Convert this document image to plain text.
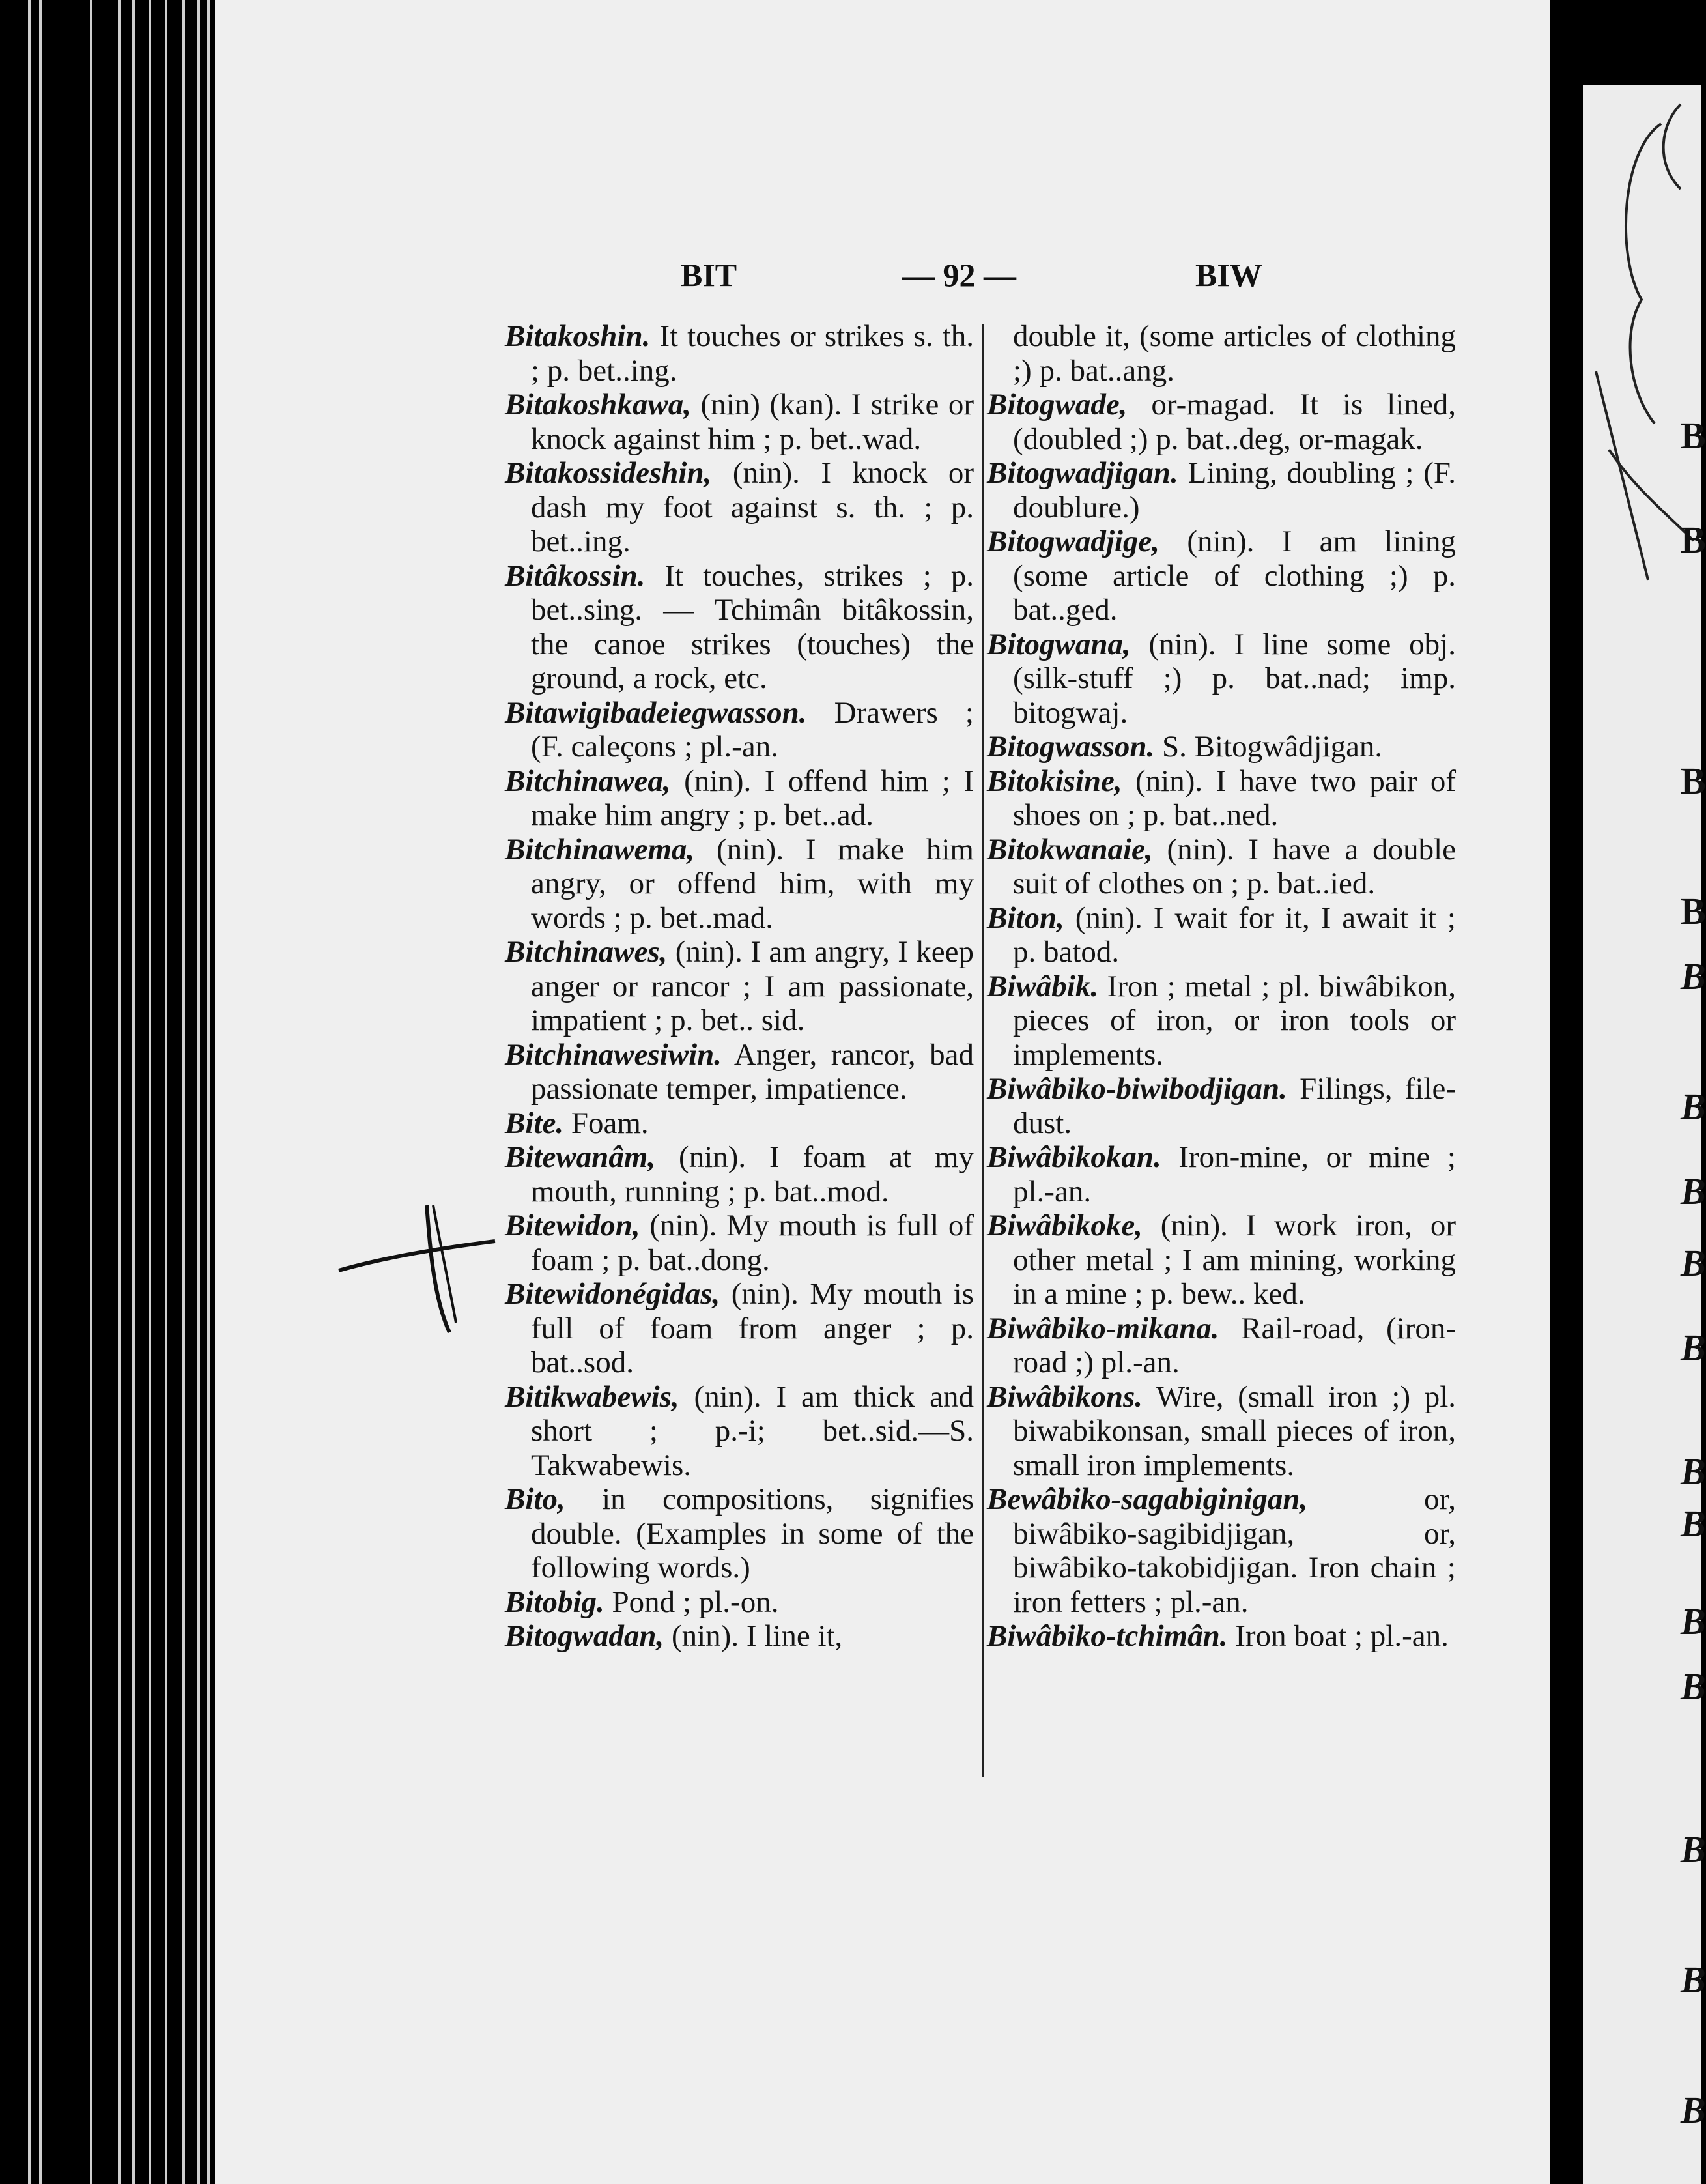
B
B
B
B
B
B
B
B
B
B
B
B
B
B
B
B
BIT	— 92 —	BIW

Bitakoshin. It touches or strikes s. th. ; p. bet..ing.

Bitakoshkawa, (nin) (kan). I strike or knock against him ; p. bet..wad.

Bitakossideshin, (nin). I knock or dash my foot against s. th. ; p. bet..ing.

Bitâkossin. It touches, strikes ; p. bet..sing. — Tchimân bitâkossin, the canoe strikes (touches) the ground, a rock, etc.

Bitawigibadeiegwasson. Drawers ; (F. caleçons ; pl.-an.

Bitchinawea, (nin). I offend him ; I make him angry ; p. bet..ad.

Bitchinawema, (nin). I make him angry, or offend him, with my words ; p. bet..mad.

Bitchinawes, (nin). I am angry, I keep anger or rancor ; I am passionate, impatient ; p. bet.. sid.

Bitchinawesiwin. Anger, rancor, bad passionate temper, impatience.

Bite. Foam.

Bitewanâm, (nin). I foam at my mouth, running ; p. bat..mod.

Bitewidon, (nin). My mouth is full of foam ; p. bat..dong.

Bitewidonégidas, (nin). My mouth is full of foam from anger ; p. bat..sod.

Bitikwabewis, (nin). I am thick and short ; p.-i; bet..sid.—S. Takwabewis.

Bito, in compositions, signifies double. (Examples in some of the following words.)

Bitobig. Pond ; pl.-on.

Bitogwadan, (nin). I line it,

double it, (some articles of clothing ;) p. bat..ang.

Bitogwade, or-magad. It is lined, (doubled ;) p. bat..deg, or-magak.

Bitogwadjigan. Lining, doubling ; (F. doublure.)

Bitogwadjige, (nin). I am lining (some article of clothing ;) p. bat..ged.

Bitogwana, (nin). I line some obj. (silk-stuff ;) p. bat..nad; imp. bitogwaj.

Bitogwasson. S. Bitogwâdjigan.

Bitokisine, (nin). I have two pair of shoes on ; p. bat..ned.

Bitokwanaie, (nin). I have a double suit of clothes on ; p. bat..ied.

Biton, (nin). I wait for it, I await it ; p. batod.

Biwâbik. Iron ; metal ; pl. biwâbikon, pieces of iron, or iron tools or implements.

Biwâbiko-biwibodjigan. Filings, file-dust.

Biwâbikokan. Iron-mine, or mine ; pl.-an.

Biwâbikoke, (nin). I work iron, or other metal ; I am mining, working in a mine ; p. bew.. ked.

Biwâbiko-mikana. Rail-road, (iron-road ;) pl.-an.

Biwâbikons. Wire, (small iron ;) pl. biwabikonsan, small pieces of iron, small iron implements.

Bewâbiko-sagabiginigan, or, biwâbiko-sagibidjigan, or, biwâbiko-takobidjigan. Iron chain ; iron fetters ; pl.-an.

Biwâbiko-tchimân. Iron boat ; pl.-an.
